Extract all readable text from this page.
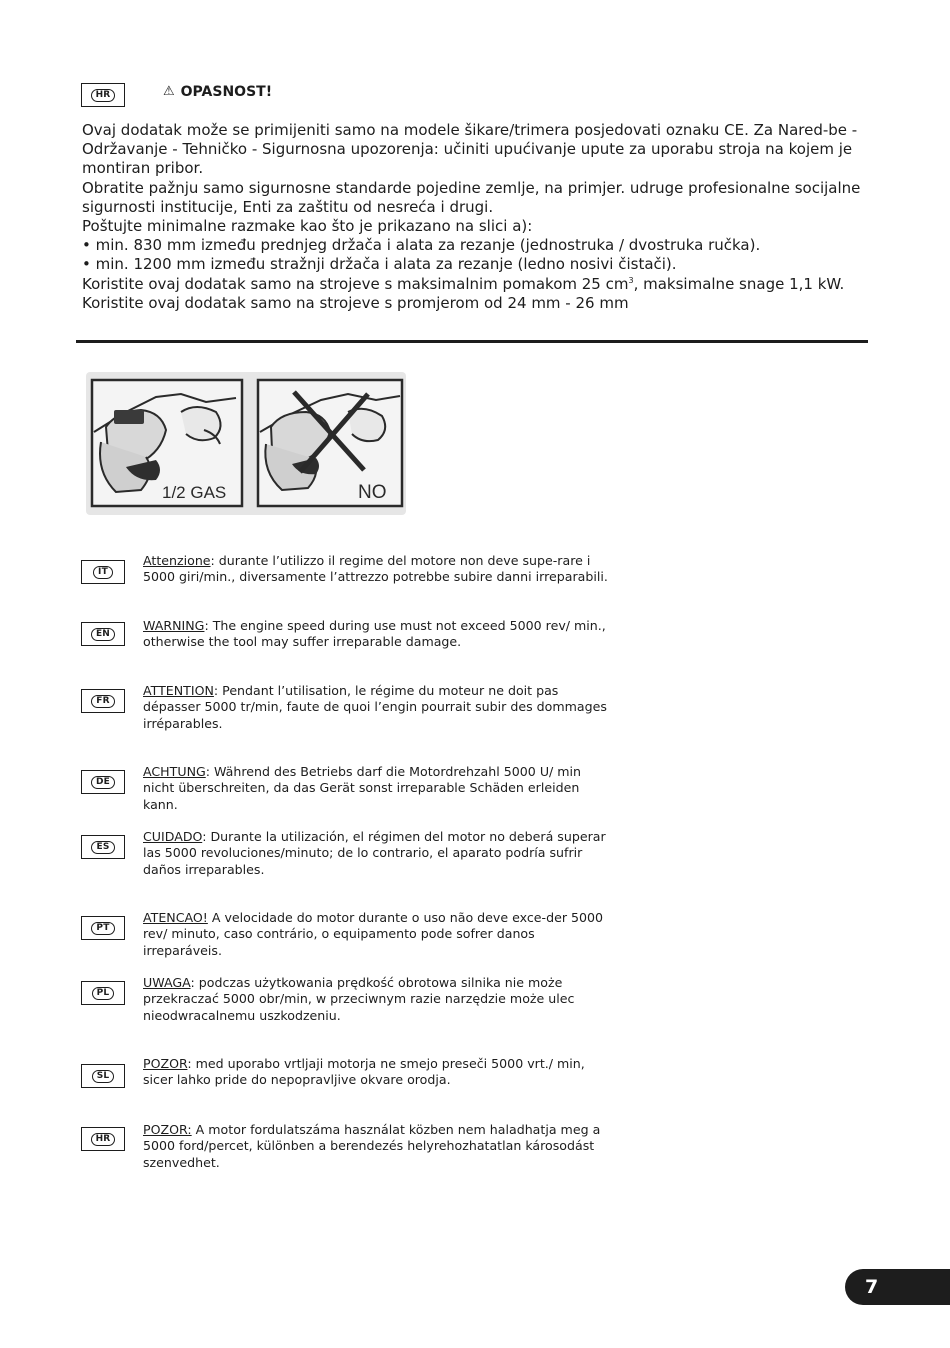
HR	⚠ OPASNOST!

Ovaj dodatak može se primijeniti samo na modele šikare/trimera posjedovati oznaku CE. Za Nared-be - Održavanje - Tehničko - Sigurnosna upozorenja: učiniti upućivanje upute za uporabu stroja na kojem je montiran pribor.

Obratite pažnju samo sigurnosne standarde pojedine zemlje, na primjer. udruge profesionalne socijalne sigurnosti institucije, Enti za zaštitu od nesreća i drugi.

Poštujte minimalne razmake kao što je prikazano na slici a):

• min. 830 mm između prednjeg držača i alata za rezanje (jednostruka / dvostruka ručka).

• min. 1200 mm između stražnji držača i alata za rezanje (ledno nosivi čistači).

Koristite ovaj dodatak samo na strojeve s maksimalnim pomakom 25 $cm^3$, maksimalne snage 1,1 kW.

Koristite ovaj dodatak samo na strojeve s promjerom od 24 mm - 26 mm

1/2 GAS	NO
IT
Attenzione: durante l’utilizzo il regime del motore non deve supe-rare i 5000 giri/min., diversamente l’attrezzo potrebbe subire danni irreparabili.
EN
WARNING: The engine speed during use must not exceed 5000 rev/ min., otherwise the tool may suffer irreparable damage.
FR
ATTENTION: Pendant l’utilisation, le régime du moteur ne doit pas dépasser 5000 tr/min, faute de quoi l’engin pourrait subir des dommages irréparables.
DE
ACHTUNG: Während des Betriebs darf die Motordrehzahl 5000 U/ min nicht überschreiten, da das Gerät sonst irreparable Schäden erleiden kann.
ES
CUIDADO: Durante la utilización, el régimen del motor no deberá superar las 5000 revoluciones/minuto; de lo contrario, el aparato podría sufrir daños irreparables.
PT
ATENCAO! A velocidade do motor durante o uso não deve exce-der 5000 rev/ minuto, caso contrário, o equipamento pode sofrer danos irreparáveis.
PL
UWAGA: podczas użytkowania prędkość obrotowa silnika nie może przekraczać 5000 obr/min, w przeciwnym razie narzędzie może ulec nieodwracalnemu uszkodzeniu.
SL
POZOR: med uporabo vrtljaji motorja ne smejo preseči 5000 vrt./ min, sicer lahko pride do nepopravljive okvare orodja.
HR
POZOR: A motor fordulatszáma használat közben nem haladhatja meg a 5000 ford/percet, különben a berendezés helyrehozhatatlan károsodást szenvedhet.
7
